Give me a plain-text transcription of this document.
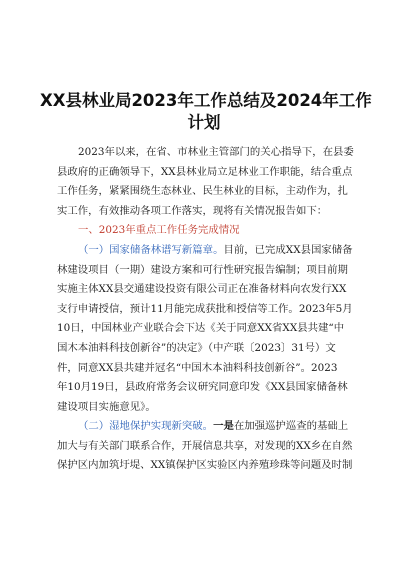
XX县林业局2023年工作总结及2024年工作
计划
2023年以来，在省、市林业主管部门的关心指导下，在县委
县政府的正确领导下，XX县林业局立足林业工作职能，结合重点
工作任务，紧紧围绕生态林业、民生林业的目标，主动作为，扎
实工作，有效推动各项工作落实，现将有关情况报告如下：
一、2023年重点工作任务完成情况
（一）国家储备林谱写新篇章。目前，已完成XX县国家储备
林建设项目（一期）建设方案和可行性研究报告编制；项目前期
实施主体XX县交通建设投资有限公司正在准备材料向农发行XX
支行申请授信，预计11月能完成获批和授信等工作。2023年5月
10日，中国林业产业联合会下达《关于同意XX省XX县共建“中
国木本油料科技创新谷”的决定》（中产联〔2023〕31号）文
件，同意XX县共建并冠名“中国木本油料科技创新谷”。2023
年10月19日，县政府常务会议研究同意印发《XX县国家储备林
建设项目实施意见》。
（二）湿地保护实现新突破。一是在加强巡护巡查的基础上
加大与有关部门联系合作，开展信息共享，对发现的XX乡在自然
保护区内加筑圩堤、XX镇保护区实验区内养殖珍珠等问题及时制
